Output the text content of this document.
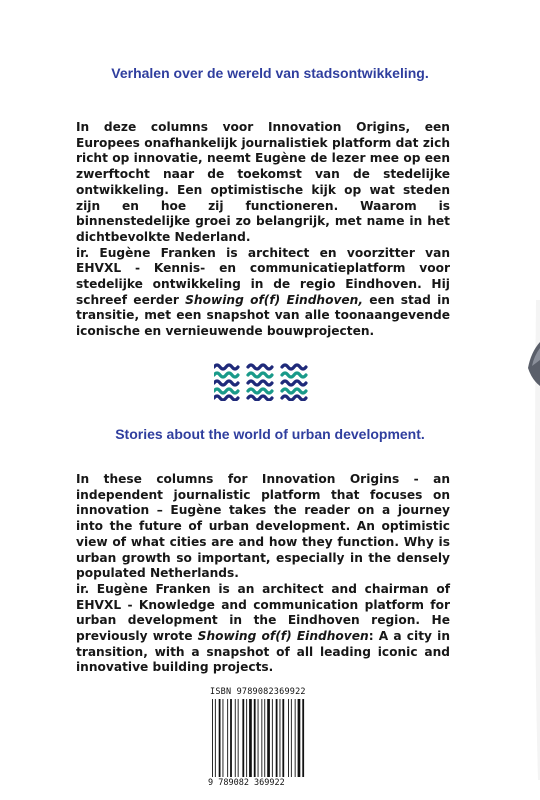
Verhalen over de wereld van stadsontwikkeling.

In deze columns voor Innovation Origins, een Europees onafhankelijk journalistiek platform dat zich richt op innovatie, neemt Eugène de lezer mee op een zwerftocht naar de toekomst van de stedelijke ontwikkeling. Een optimistische kijk op wat steden zijn en hoe zij functioneren. Waarom is binnenstedelijke groei zo belangrijk, met name in het dichtbevolkte Nederland.

ir. Eugène Franken is architect en voorzitter van EHVXL - Kennis- en communicatieplatform voor stedelijke ontwikkeling in de regio Eindhoven. Hij schreef eerder Showing of(f) Eindhoven, een stad in transitie, met een snapshot van alle toonaangevende iconische en vernieuwende bouwprojecten.

Stories about the world of urban development.

In these columns for Innovation Origins - an independent journalistic platform that focuses on innovation – Eugène takes the reader on a journey into the future of urban development. An optimistic view of what cities are and how they function. Why is urban growth so important, especially in the densely populated Netherlands.

ir. Eugène Franken is an architect and chairman of EHVXL - Knowledge and communication platform for urban development in the Eindhoven region. He previously wrote Showing of(f) Eindhoven: A a city in transition, with a snapshot of all leading iconic and innovative building projects.

ISBN 9789082369922
9 789082 369922
